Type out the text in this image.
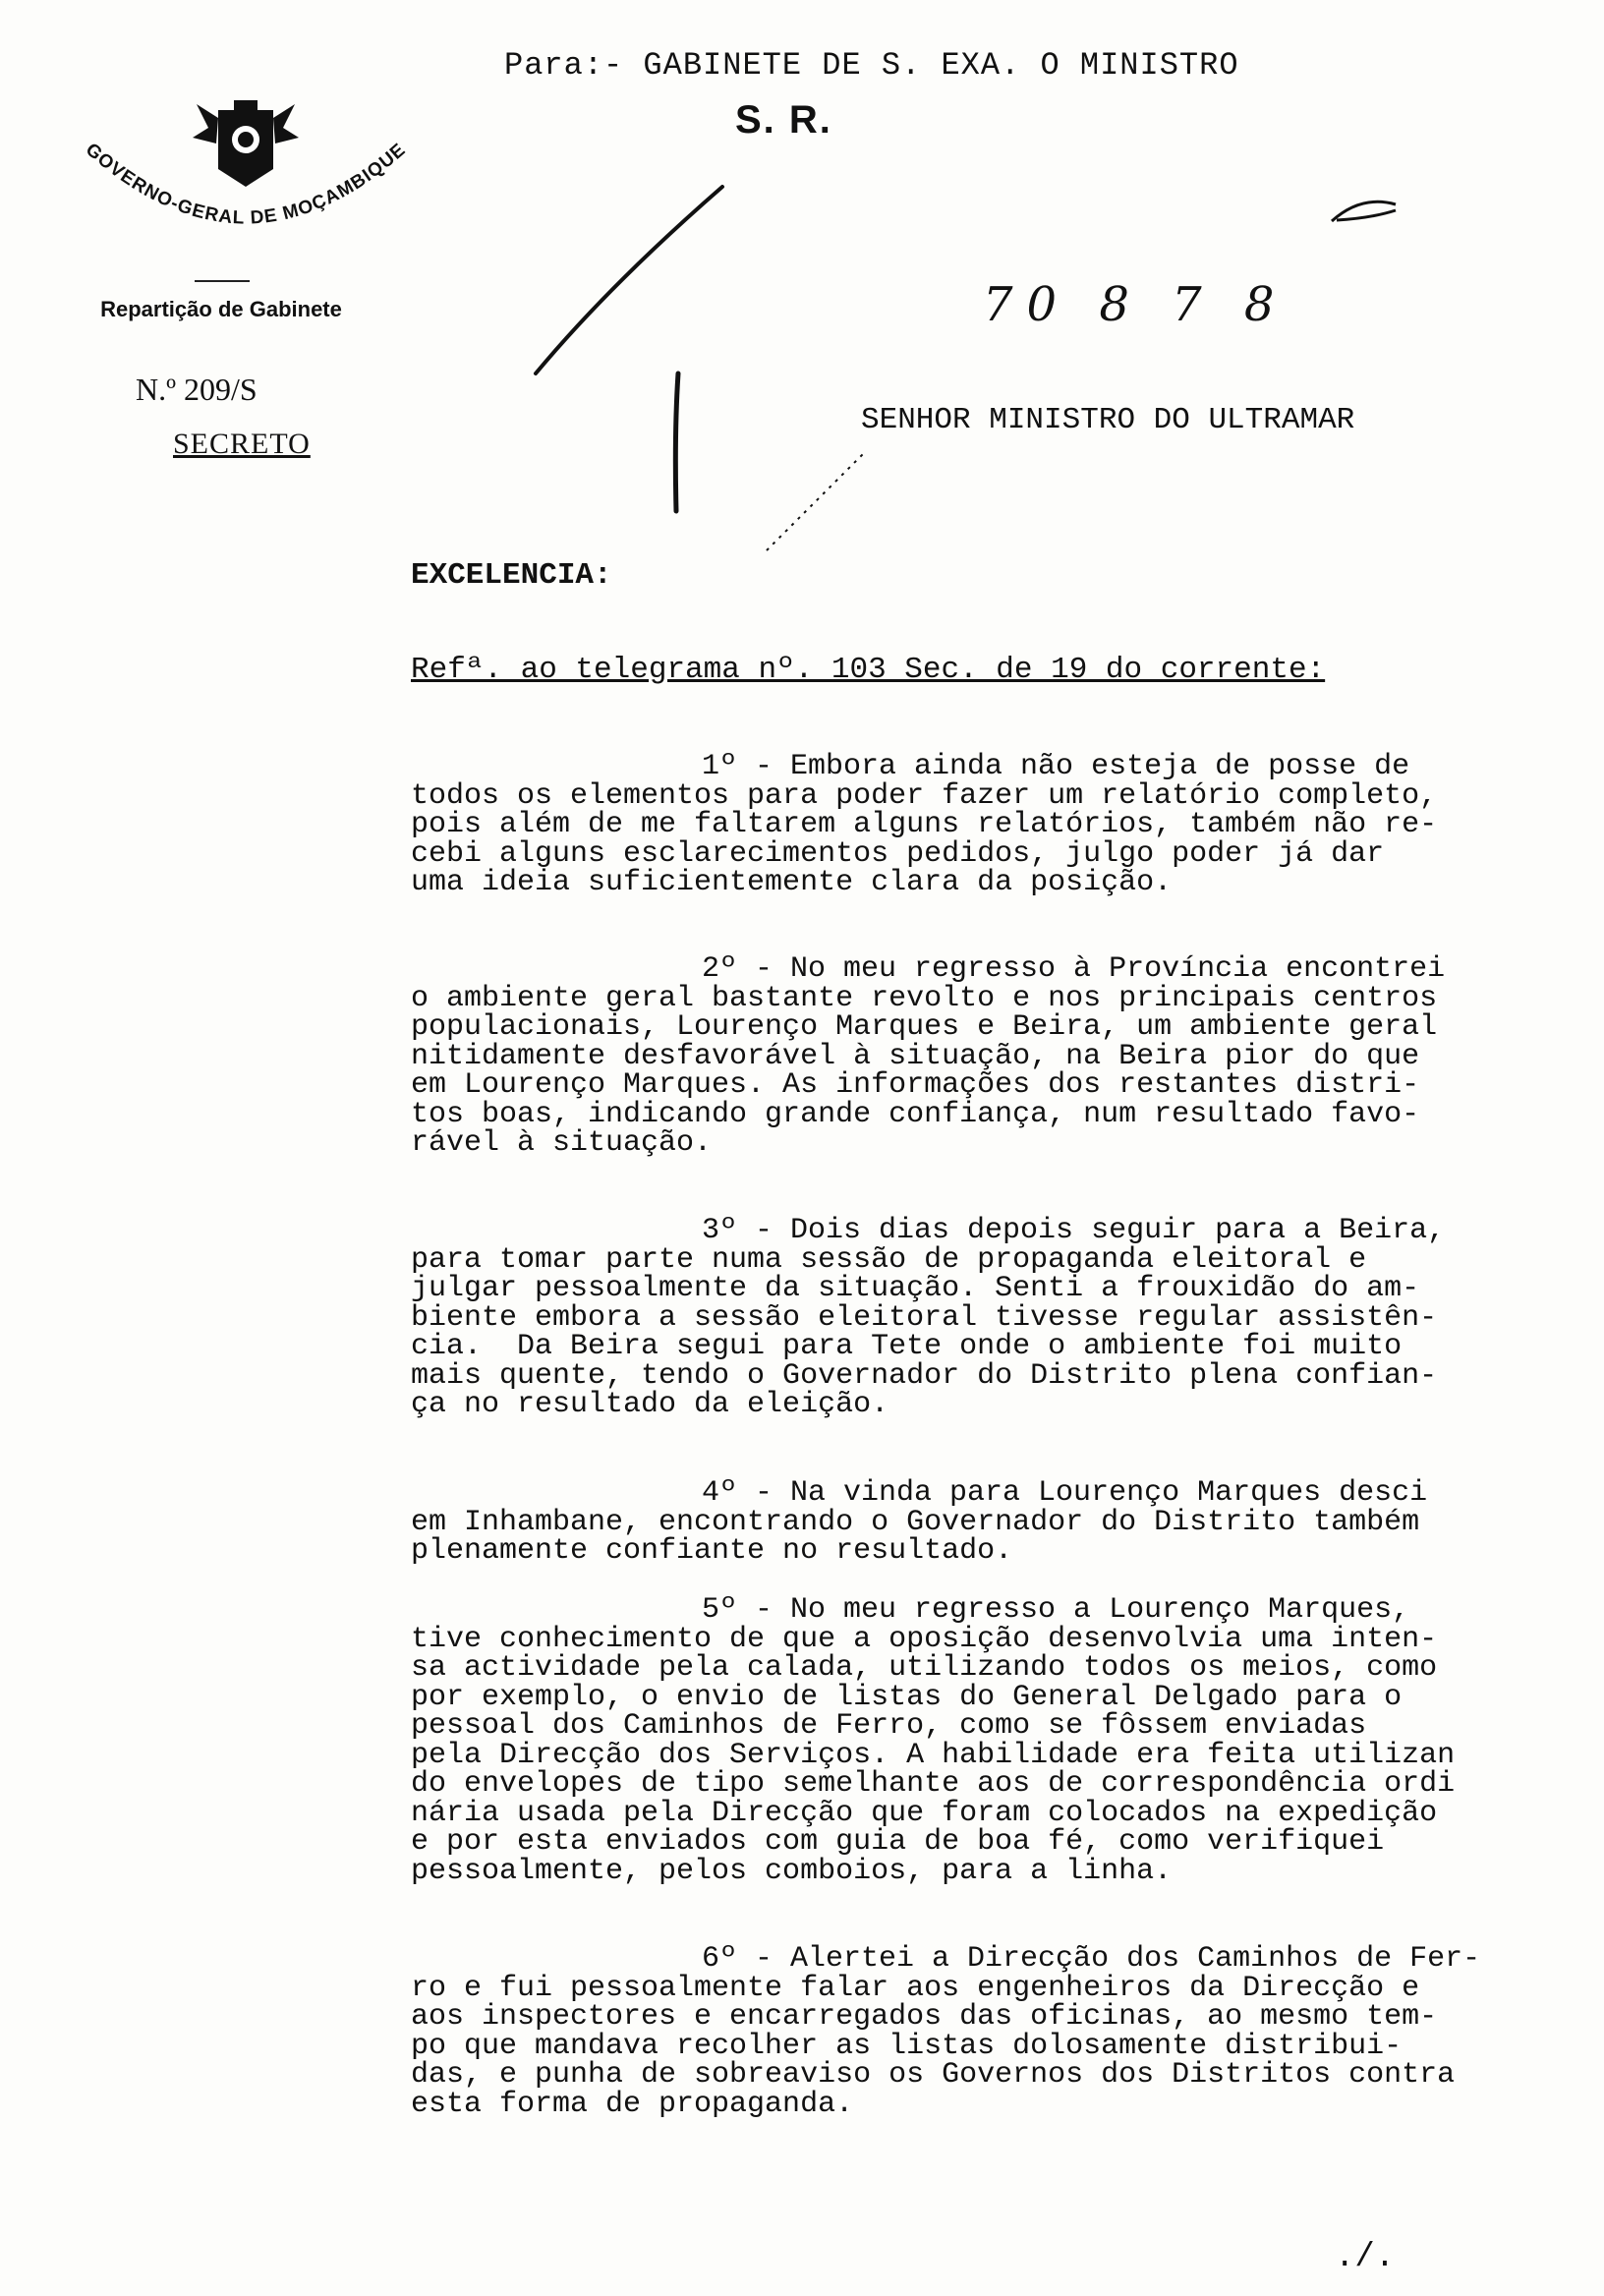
Para:- GABINETE DE S. EXA. O MINISTRO
S. R.
GOVERNO-GERAL DE MOÇAMBIQUE
Repartição de Gabinete
N.º 209/S
SECRETO
70 8 7 8
SENHOR MINISTRO DO ULTRAMAR
EXCELENCIA:
Refª. ao telegrama nº. 103 Sec. de 19 do corrente:
1º - Embora ainda não esteja de posse de
todos os elementos para poder fazer um relatório completo,
pois além de me faltarem alguns relatórios, também não re-
cebi alguns esclarecimentos pedidos, julgo poder já dar
uma ideia suficientemente clara da posição.
2º - No meu regresso à Província encontrei
o ambiente geral bastante revolto e nos principais centros
populacionais, Lourenço Marques e Beira, um ambiente geral
nitidamente desfavorável à situação, na Beira pior do que
em Lourenço Marques. As informações dos restantes distri-
tos boas, indicando grande confiança, num resultado favo-
rável à situação.
3º - Dois dias depois seguir para a Beira,
para tomar parte numa sessão de propaganda eleitoral e
julgar pessoalmente da situação. Senti a frouxidão do am-
biente embora a sessão eleitoral tivesse regular assistên-
cia.  Da Beira segui para Tete onde o ambiente foi muito
mais quente, tendo o Governador do Distrito plena confian-
ça no resultado da eleição.
4º - Na vinda para Lourenço Marques desci
em Inhambane, encontrando o Governador do Distrito também
plenamente confiante no resultado.
5º - No meu regresso a Lourenço Marques,
tive conhecimento de que a oposição desenvolvia uma inten-
sa actividade pela calada, utilizando todos os meios, como
por exemplo, o envio de listas do General Delgado para o
pessoal dos Caminhos de Ferro, como se fôssem enviadas
pela Direcção dos Serviços. A habilidade era feita utilizan
do envelopes de tipo semelhante aos de correspondência ordi
nária usada pela Direcção que foram colocados na expedição
e por esta enviados com guia de boa fé, como verifiquei
pessoalmente, pelos comboios, para a linha.
6º - Alertei a Direcção dos Caminhos de Fer-
ro e fui pessoalmente falar aos engenheiros da Direcção e
aos inspectores e encarregados das oficinas, ao mesmo tem-
po que mandava recolher as listas dolosamente distribui-
das, e punha de sobreaviso os Governos dos Distritos contra
esta forma de propaganda.
./.
